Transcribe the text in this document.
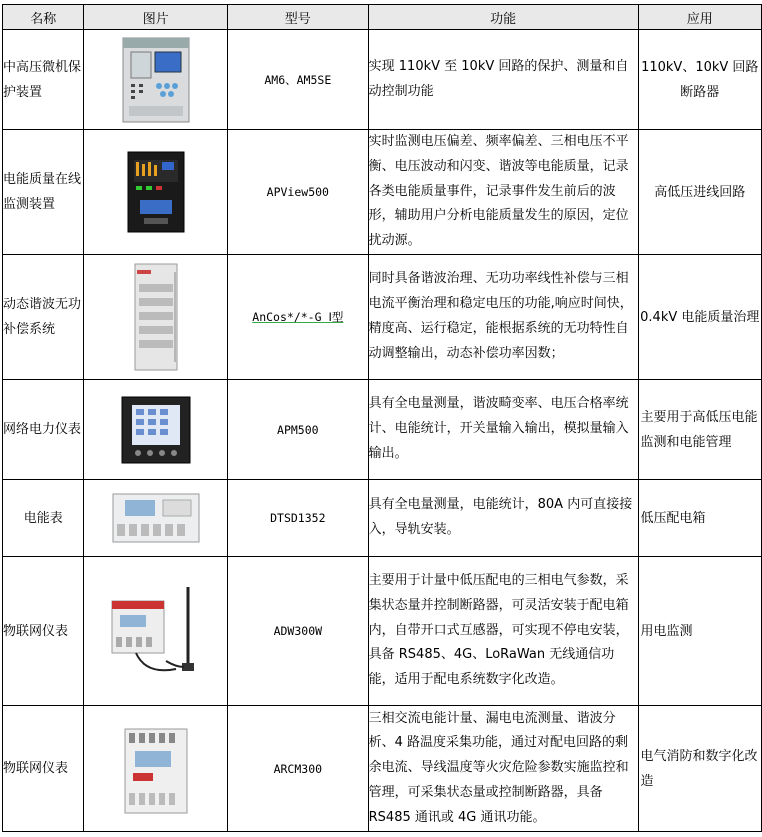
名称	图片	型号	功能	应用
中高压微机保护装置		AM6、AM5SE	实现 110kV 至 10kV 回路的保护、测量和自动控制功能	110kV、10kV 回路断路器
电能质量在线监测装置		APView500	实时监测电压偏差、频率偏差、三相电压不平衡、电压波动和闪变、谐波等电能质量，记录各类电能质量事件，记录事件发生前后的波形，辅助用户分析电能质量发生的原因，定位扰动源。	高低压进线回路
动态谐波无功补偿系统		AnCos*/*-G Ⅰ型	同时具备谐波治理、无功功率线性补偿与三相电流平衡治理和稳定电压的功能,响应时间快，精度高、运行稳定，能根据系统的无功特性自动调整输出，动态补偿功率因数；	0.4kV 电能质量治理
网络电力仪表		APM500	具有全电量测量，谐波畸变率、电压合格率统计、电能统计，开关量输入输出，模拟量输入输出。	主要用于高低压电能监测和电能管理
电能表		DTSD1352	具有全电量测量，电能统计，80A 内可直接接入，导轨安装。	低压配电箱
物联网仪表		ADW300W	主要用于计量中低压配电的三相电气参数，采集状态量并控制断路器，可灵活安装于配电箱内，自带开口式互感器，可实现不停电安装，具备 RS485、4G、LoRaWan 无线通信功能，适用于配电系统数字化改造。	用电监测
物联网仪表		ARCM300	三相交流电能计量、漏电电流测量、谐波分析、4 路温度采集功能，通过对配电回路的剩余电流、导线温度等火灾危险参数实施监控和管理，可采集状态量或控制断路器，具备 RS485 通讯或 4G 通讯功能。	电气消防和数字化改造
